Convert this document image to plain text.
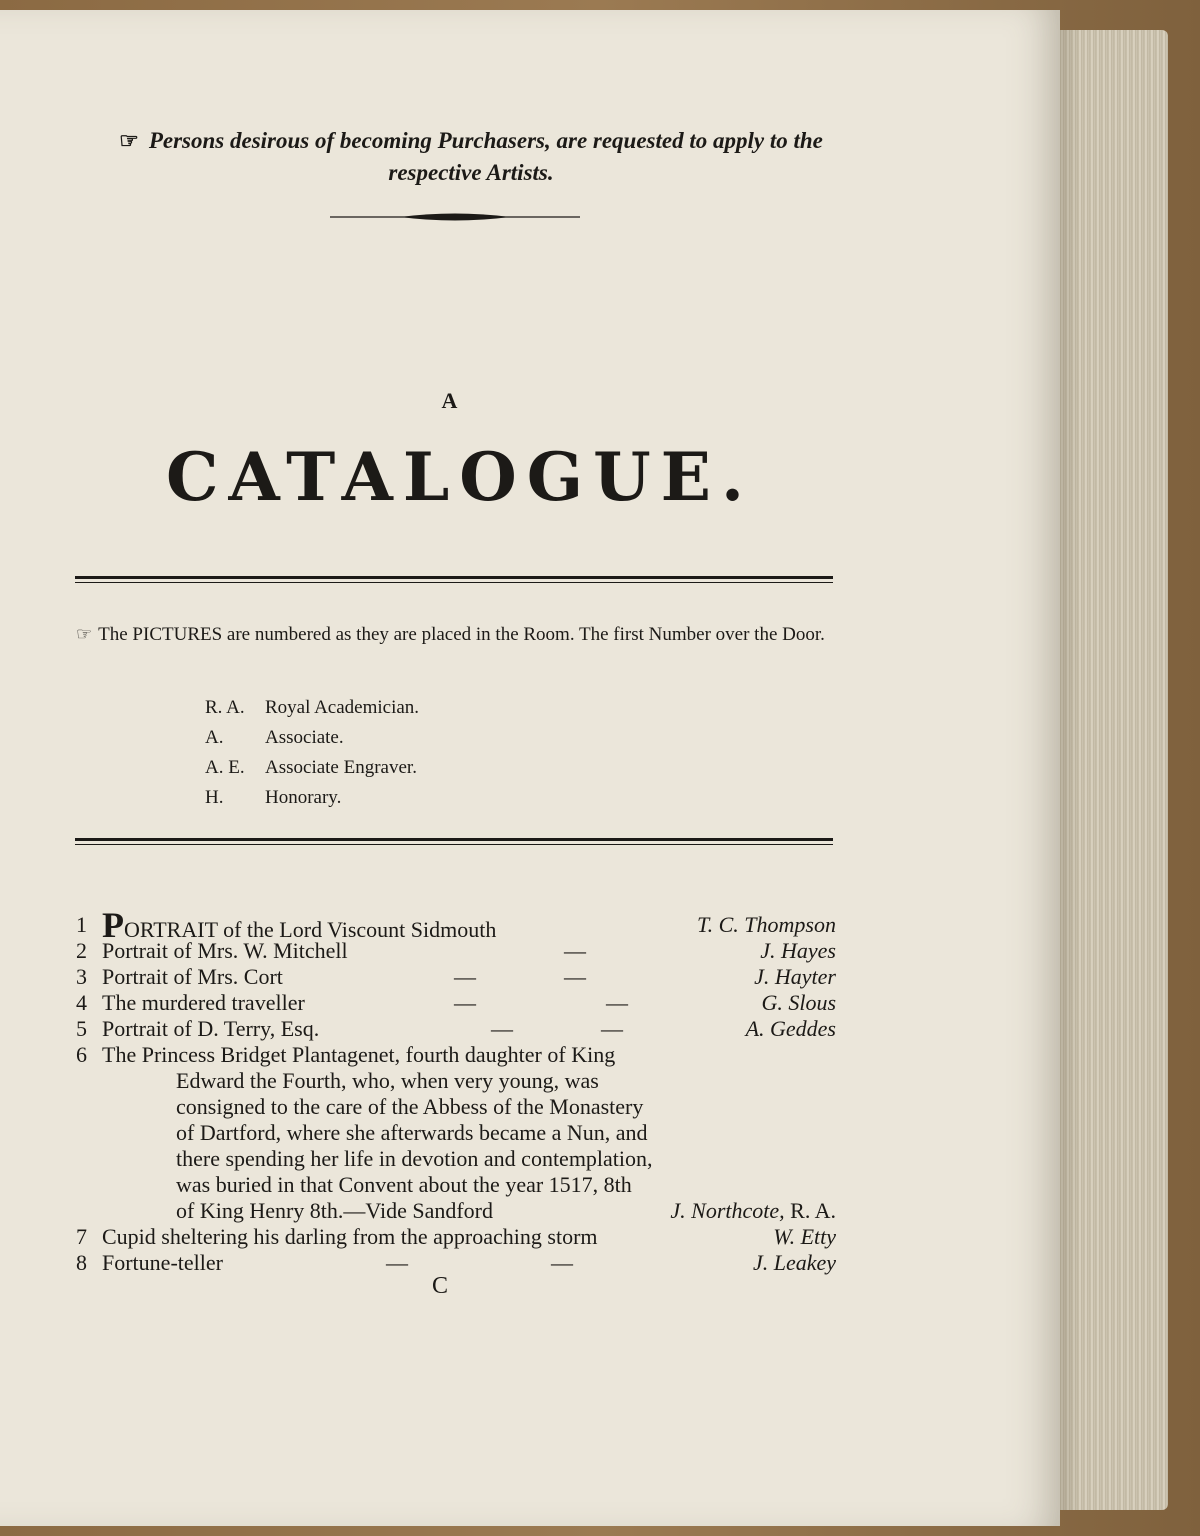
☞ Persons desirous of becoming Purchasers, are requested to apply to the
respective Artists.
A
CATALOGUE.
☞ The PICTURES are numbered as they are placed in the Room. The first Number over the Door.
R. A.	Royal Academician.
A.	Associate.
A. E.	Associate Engraver.
H.	Honorary.
1 PORTRAIT of the Lord Viscount Sidmouth	T. C. Thompson
2 Portrait of Mrs. W. Mitchell	—	J. Hayes
3 Portrait of Mrs. Cort	—	—	J. Hayter
4 The murdered traveller	—	—	G. Slous
5 Portrait of D. Terry, Esq.	—	—	A. Geddes
6 The Princess Bridget Plantagenet, fourth daughter of King
Edward the Fourth, who, when very young, was
consigned to the care of the Abbess of the Monastery
of Dartford, where she afterwards became a Nun, and
there spending her life in devotion and contemplation,
was buried in that Convent about the year 1517, 8th
of King Henry 8th.—Vide Sandford	J. Northcote, R. A.
7 Cupid sheltering his darling from the approaching storm	W. Etty
8 Fortune-teller	—	—	J. Leakey
C
